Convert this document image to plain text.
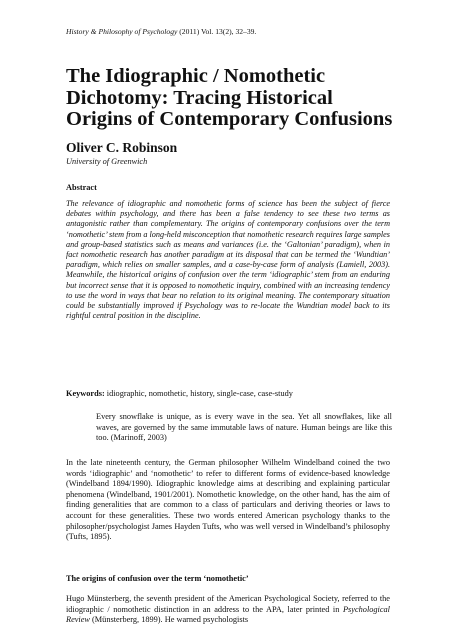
History & Philosophy of Psychology (2011) Vol. 13(2), 32–39.
The Idiographic / Nomothetic Dichotomy: Tracing Historical Origins of Contemporary Confusions
Oliver C. Robinson
University of Greenwich
Abstract

The relevance of idiographic and nomothetic forms of science has been the subject of fierce debates within psychology, and there has been a false tendency to see these two terms as antagonistic rather than complementary. The origins of contemporary confusions over the term ‘nomothetic’ stem from a long-held misconception that nomothetic research requires large samples and group-based statistics such as means and variances (i.e. the ‘Galtonian’ paradigm), when in fact nomothetic research has another paradigm at its disposal that can be termed the ‘Wundtian’ paradigm, which relies on smaller samples, and a case-by-case form of analysis (Lamiell, 2003). Meanwhile, the historical origins of confusion over the term ‘idiographic’ stem from an enduring but incorrect sense that it is opposed to nomothetic inquiry, combined with an increasing tendency to use the word in ways that bear no relation to its original meaning. The contemporary situation could be substantially improved if Psychology was to re-locate the Wundtian model back to its rightful central position in the discipline.

Keywords: idiographic, nomothetic, history, single-case, case-study

Every snowflake is unique, as is every wave in the sea. Yet all snowflakes, like all waves, are governed by the same immutable laws of nature. Human beings are like this too. (Marinoff, 2003)

In the late nineteenth century, the German philosopher Wilhelm Windelband coined the two words ‘idiographic’ and ‘nomothetic’ to refer to different forms of evidence-based knowledge (Windelband 1894/1990). Idiographic knowledge aims at describing and explaining particular phenomena (Windelband, 1901/2001). Nomothetic knowledge, on the other hand, has the aim of finding generalities that are common to a class of particulars and deriving theories or laws to account for these generalities. These two words entered American psychology thanks to the philosopher/psychologist James Hayden Tufts, who was well versed in Windelband’s philosophy (Tufts, 1895).

The origins of confusion over the term ‘nomothetic’

Hugo Münsterberg, the seventh president of the American Psychological Society, referred to the idiographic / nomothetic distinction in an address to the APA, later printed in Psychological Review (Münsterberg, 1899). He warned psychologists
